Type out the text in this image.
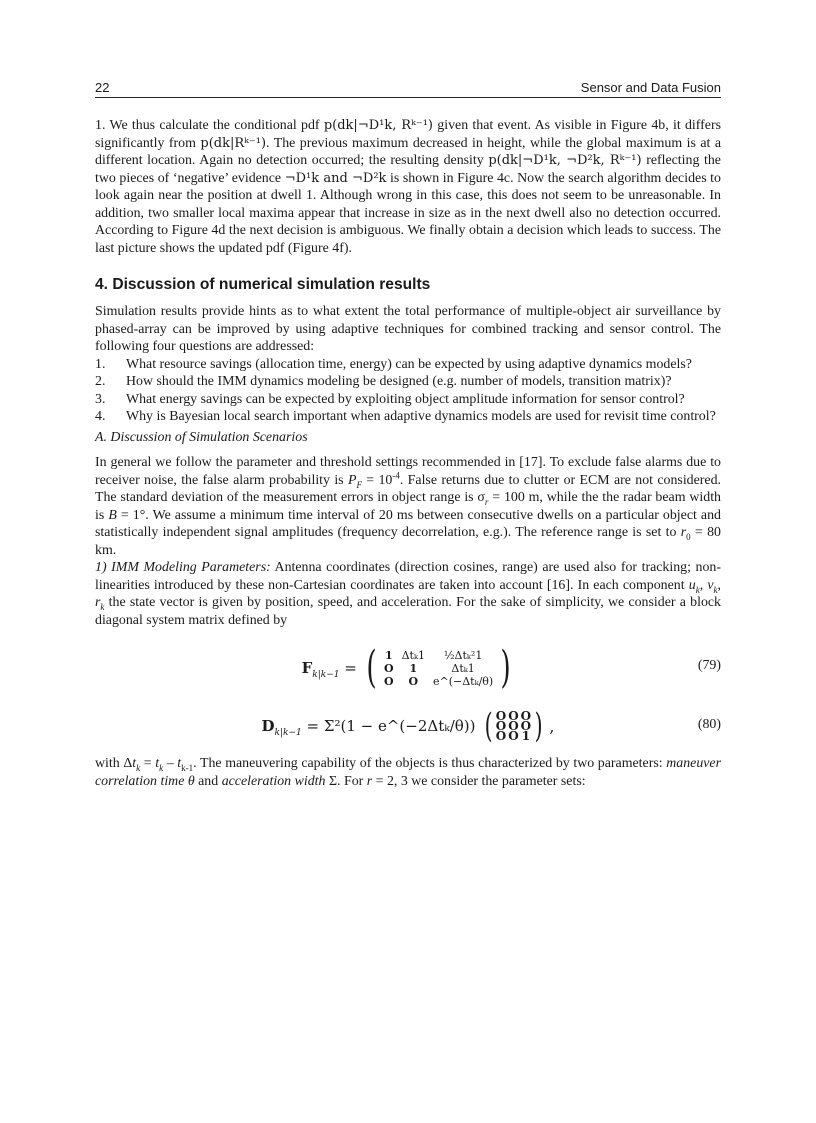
22	Sensor and Data Fusion

1. We thus calculate the conditional pdf p(dk|¬D¹k, Rᵏ⁻¹) given that event. As visible in Figure 4b, it differs significantly from p(dk|Rᵏ⁻¹). The previous maximum decreased in height, while the global maximum is at a different location. Again no detection occurred; the resulting density p(dk|¬D¹k, ¬D²k, Rᵏ⁻¹) reflecting the two pieces of ‘negative’ evidence ¬D¹k and ¬D²k is shown in Figure 4c. Now the search algorithm decides to look again near the position at dwell 1. Although wrong in this case, this does not seem to be unreasonable. In addition, two smaller local maxima appear that increase in size as in the next dwell also no detection occurred. According to Figure 4d the next decision is ambiguous. We finally obtain a decision which leads to success. The last picture shows the updated pdf (Figure 4f).

4. Discussion of numerical simulation results

Simulation results provide hints as to what extent the total performance of multiple-object air surveillance by phased-array can be improved by using adaptive techniques for combined tracking and sensor control. The following four questions are addressed:

1.	What resource savings (allocation time, energy) can be expected by using adaptive dynamics models?
2.	How should the IMM dynamics modeling be designed (e.g. number of models, transition matrix)?
3.	What energy savings can be expected by exploiting object amplitude information for sensor control?
4.	Why is Bayesian local search important when adaptive dynamics models are used for revisit time control?
A. Discussion of Simulation Scenarios

In general we follow the parameter and threshold settings recommended in [17]. To exclude false alarms due to receiver noise, the false alarm probability is $P_F = 10^{-4}$. False returns due to clutter or ECM are not considered. The standard deviation of the measurement errors in object range is $\sigma_r = 100$ m, while the the radar beam width is B = 1°. We assume a minimum time interval of 20 ms between consecutive dwells on a particular object and statistically independent signal amplitudes (frequency decorrelation, e.g.). The reference range is set to $r_0 = 80$ km.

1) IMM Modeling Parameters: Antenna coordinates (direction cosines, range) are used also for tracking; non-linearities introduced by these non-Cartesian coordinates are taken into account [16]. In each component $u_k$, $v_k$, $r_k$ the state vector is given by position, speed, and acceleration. For the sake of simplicity, we consider a block diagonal system matrix defined by

$F_{k|k-1}$ = ( 1	Δtₖ1	½Δtₖ²1
O	1	Δtₖ1
O	O	e^(−Δtₖ/θ) )	(79)
$D_{k|k-1} = \Sigma^2(1$ − e^(−2Δtₖ/θ)) ( O	O	O
O	O	O
O	O	1 ) ,	(80)

with $\Delta t_k = t_k - t_{k-1}$. The maneuvering capability of the objects is thus characterized by two parameters: maneuver correlation time θ and acceleration width Σ. For r = 2, 3 we consider the parameter sets:
